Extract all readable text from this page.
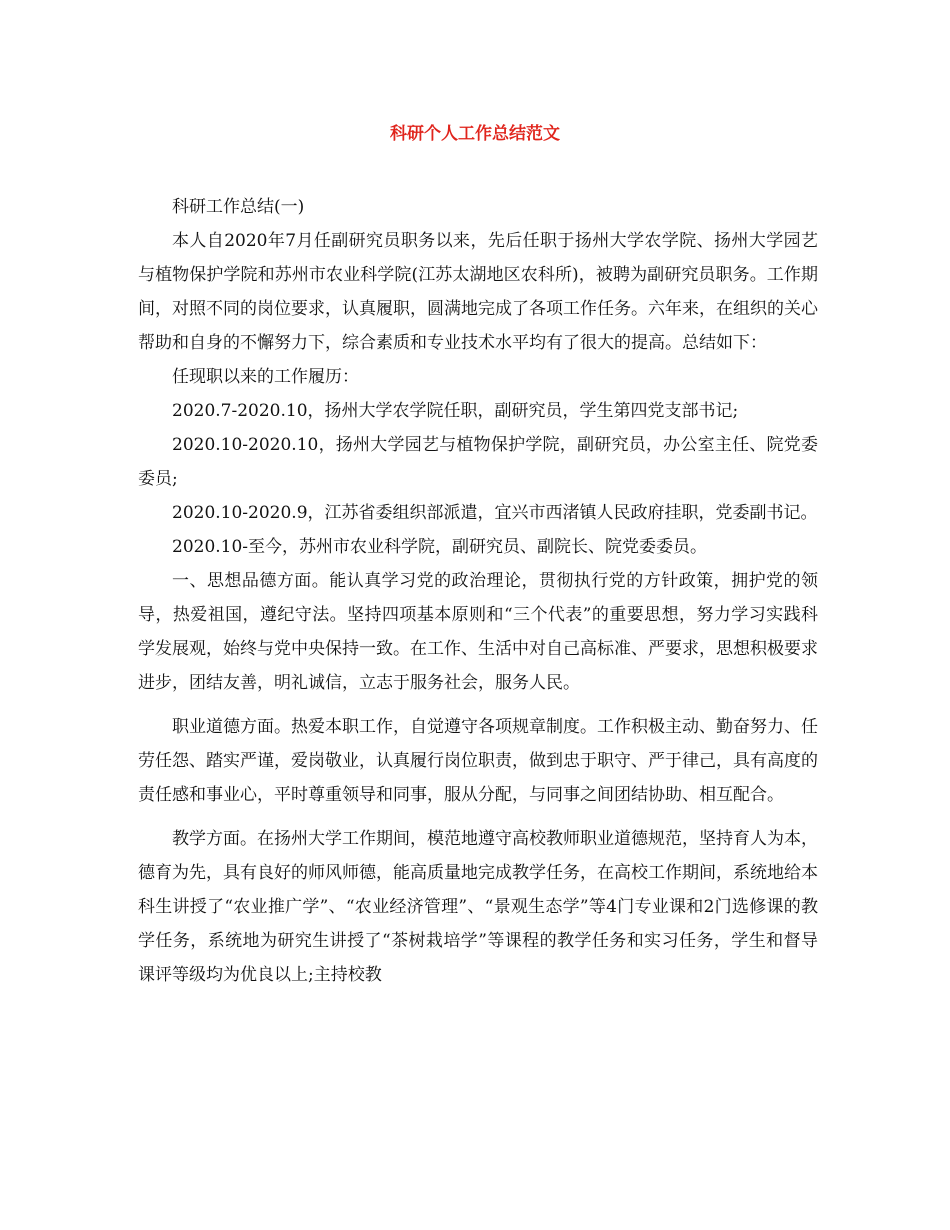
科研个人工作总结范文

科研工作总结(一)

本人自2020年7月任副研究员职务以来，先后任职于扬州大学农学院、扬州大学园艺与植物保护学院和苏州市农业科学院(江苏太湖地区农科所)，被聘为副研究员职务。工作期间，对照不同的岗位要求，认真履职，圆满地完成了各项工作任务。六年来，在组织的关心帮助和自身的不懈努力下，综合素质和专业技术水平均有了很大的提高。总结如下：

任现职以来的工作履历：

2020.7-2020.10，扬州大学农学院任职，副研究员，学生第四党支部书记;

2020.10-2020.10，扬州大学园艺与植物保护学院，副研究员，办公室主任、院党委委员;

2020.10-2020.9，江苏省委组织部派遣，宜兴市西渚镇人民政府挂职，党委副书记。

2020.10-至今，苏州市农业科学院，副研究员、副院长、院党委委员。

一、思想品德方面。能认真学习党的政治理论，贯彻执行党的方针政策，拥护党的领导，热爱祖国，遵纪守法。坚持四项基本原则和“三个代表”的重要思想，努力学习实践科学发展观，始终与党中央保持一致。在工作、生活中对自己高标准、严要求，思想积极要求进步，团结友善，明礼诚信，立志于服务社会，服务人民。

职业道德方面。热爱本职工作，自觉遵守各项规章制度。工作积极主动、勤奋努力、任劳任怨、踏实严谨，爱岗敬业，认真履行岗位职责，做到忠于职守、严于律己，具有高度的责任感和事业心，平时尊重领导和同事，服从分配，与同事之间团结协助、相互配合。

教学方面。在扬州大学工作期间，模范地遵守高校教师职业道德规范，坚持育人为本，德育为先，具有良好的师风师德，能高质量地完成教学任务，在高校工作期间，系统地给本科生讲授了“农业推广学”、“农业经济管理”、“景观生态学”等4门专业课和2门选修课的教学任务，系统地为研究生讲授了“茶树栽培学”等课程的教学任务和实习任务，学生和督导课评等级均为优良以上;主持校教
